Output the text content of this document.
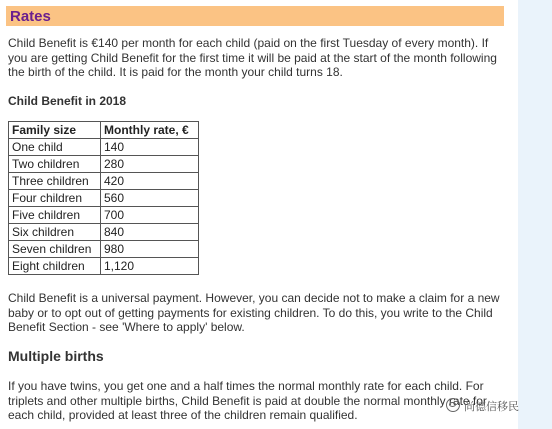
Rates
Child Benefit is €140 per month for each child (paid on the first Tuesday of every month). If you are getting Child Benefit for the first time it will be paid at the start of the month following the birth of the child. It is paid for the month your child turns 18.
Child Benefit in 2018
Family size	Monthly rate, €
One child	140
Two children	280
Three children	420
Four children	560
Five children	700
Six children	840
Seven children	980
Eight children	1,120
Child Benefit is a universal payment. However, you can decide not to make a claim for a new baby or to opt out of getting payments for existing children. To do this, you write to the Child Benefit Section - see 'Where to apply' below.
Multiple births
If you have twins, you get one and a half times the normal monthly rate for each child. For triplets and other multiple births, Child Benefit is paid at double the normal monthly rate for each child, provided at least three of the children remain qualified.
尚德信移民
